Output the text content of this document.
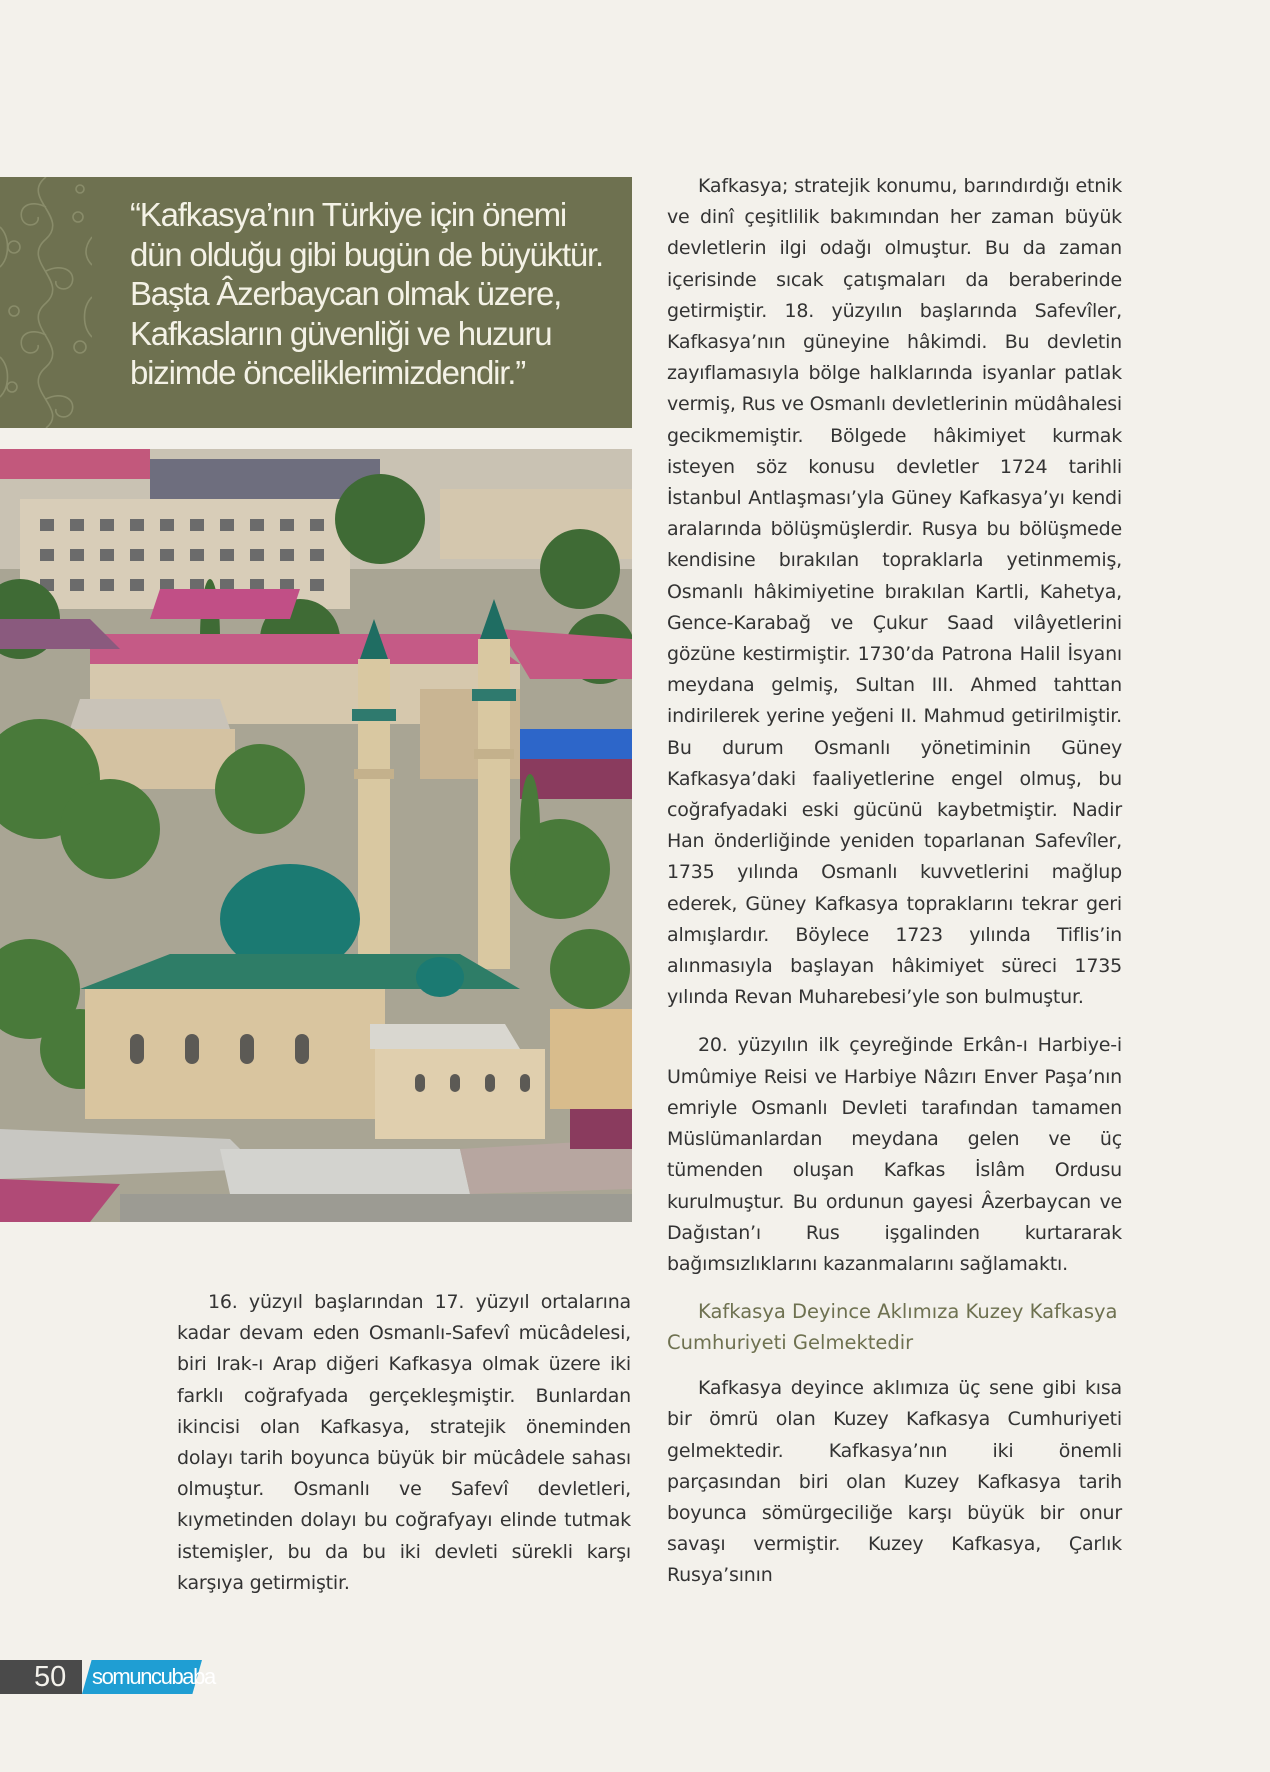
“Kafkasya’nın Türkiye için önemi dün olduğu gibi bugün de büyüktür. Başta Âzerbaycan olmak üzere, Kafkasların güvenliği ve huzuru bizimde önceliklerimizdendir.”

16. yüzyıl başlarından 17. yüzyıl ortalarına kadar devam eden Osmanlı-Safevî mücâdelesi, biri Irak-ı Arap diğeri Kafkasya olmak üzere iki farklı coğrafyada gerçekleşmiştir. Bunlardan ikincisi olan Kafkasya, stratejik öneminden dolayı tarih boyunca büyük bir mücâdele sahası olmuştur. Osmanlı ve Safevî devletleri, kıymetinden dolayı bu coğrafyayı elinde tutmak istemişler, bu da bu iki devleti sürekli karşı karşıya getirmiştir.

Kafkasya; stratejik konumu, barındırdığı etnik ve dinî çeşitlilik bakımından her zaman büyük devletlerin ilgi odağı olmuştur. Bu da zaman içerisinde sıcak çatışmaları da beraberinde getirmiştir. 18. yüzyılın başlarında Safevîler, Kafkasya’nın güneyine hâkimdi. Bu devletin zayıflamasıyla bölge halklarında isyanlar patlak vermiş, Rus ve Osmanlı devletlerinin müdâhalesi gecikmemiştir. Bölgede hâkimiyet kurmak isteyen söz konusu devletler 1724 tarihli İstanbul Antlaşması’yla Güney Kafkasya’yı kendi aralarında bölüşmüşlerdir. Rusya bu bölüşmede kendisine bırakılan topraklarla yetinmemiş, Osmanlı hâkimiyetine bırakılan Kartli, Kahetya, Gence-Karabağ ve Çukur Saad vilâyetlerini gözüne kestirmiştir. 1730’da Patrona Halil İsyanı meydana gelmiş, Sultan III. Ahmed tahttan indirilerek yerine yeğeni II. Mahmud getirilmiştir. Bu durum Osmanlı yönetiminin Güney Kafkasya’daki faaliyetlerine engel olmuş, bu coğrafyadaki eski gücünü kaybetmiştir. Nadir Han önderliğinde yeniden toparlanan Safevîler, 1735 yılında Osmanlı kuvvetlerini mağlup ederek, Güney Kafkasya topraklarını tekrar geri almışlardır. Böylece 1723 yılında Tiflis’in alınmasıyla başlayan hâkimiyet süreci 1735 yılında Revan Muharebesi’yle son bulmuştur.

20. yüzyılın ilk çeyreğinde Erkân-ı Harbiye-i Umûmiye Reisi ve Harbiye Nâzırı Enver Paşa’nın emriyle Osmanlı Devleti tarafından tamamen Müslümanlardan meydana gelen ve üç tümenden oluşan Kafkas İslâm Ordusu kurulmuştur. Bu ordunun gayesi Âzerbaycan ve Dağıstan’ı Rus işgalinden kurtararak bağımsızlıklarını kazanmalarını sağlamaktı.

Kafkasya Deyince Aklımıza Kuzey Kafkasya Cumhuriyeti Gelmektedir

Kafkasya deyince aklımıza üç sene gibi kısa bir ömrü olan Kuzey Kafkasya Cumhuriyeti gelmektedir. Kafkasya’nın iki önemli parçasından biri olan Kuzey Kafkasya tarih boyunca sömürgeciliğe karşı büyük bir onur savaşı vermiştir. Kuzey Kafkasya, Çarlık Rusya’sının

50 somuncubaba
